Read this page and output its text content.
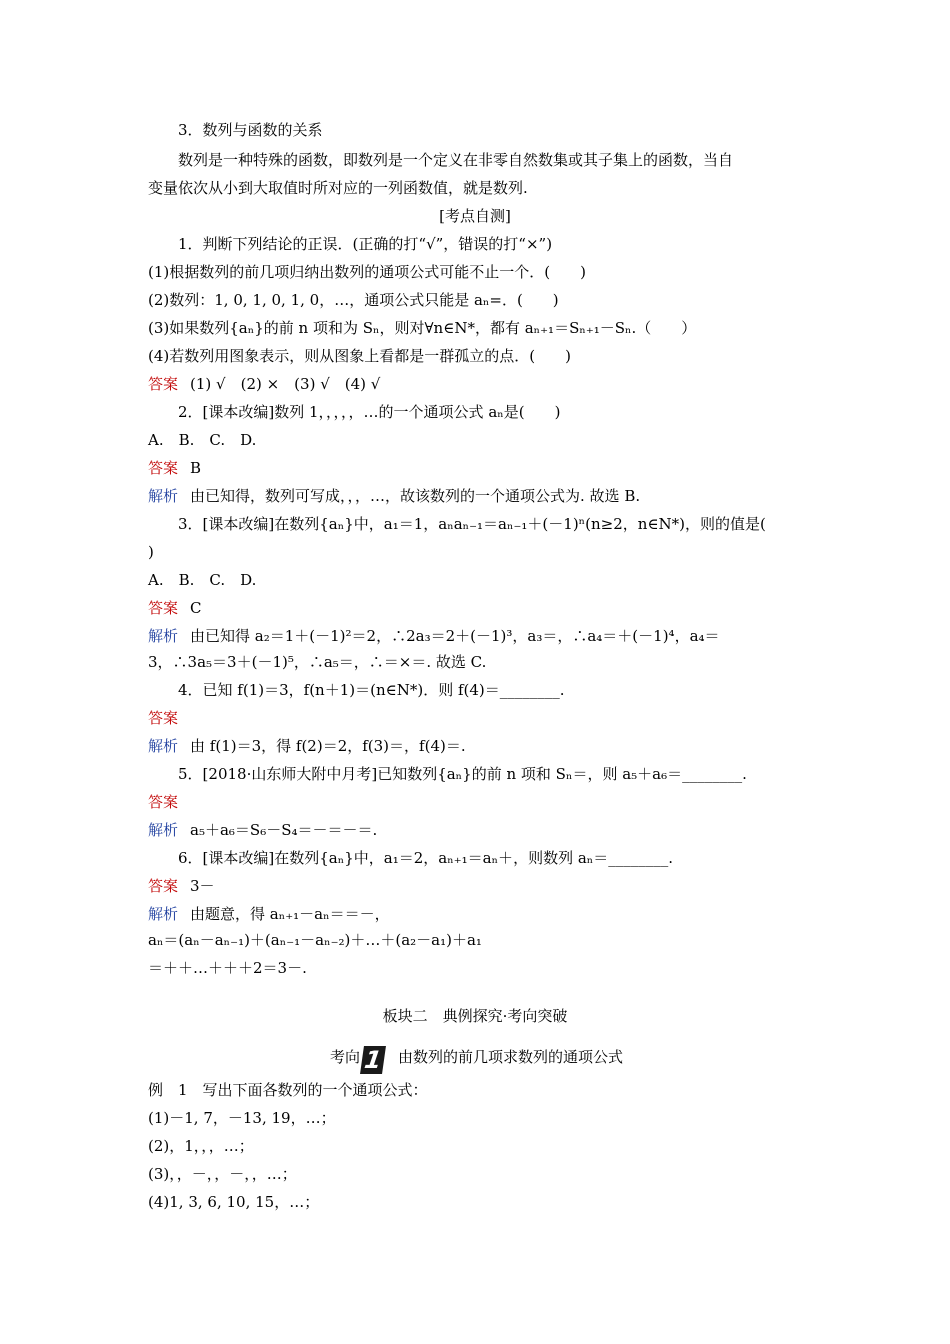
3．数列与函数的关系
数列是一种特殊的函数，即数列是一个定义在非零自然数集或其子集上的函数，当自
变量依次从小到大取值时所对应的一列函数值，就是数列.
[考点自测]
1．判断下列结论的正误．(正确的打“√”，错误的打“×”)
(1)根据数列的前几项归纳出数列的通项公式可能不止一个．(　　)
(2)数列：1, 0, 1, 0, 1, 0，…，通项公式只能是 aₙ=．(　　)
(3)如果数列{aₙ}的前 n 项和为 Sₙ，则对∀n∈N*，都有 aₙ₊₁＝Sₙ₊₁－Sₙ.（　　）
(4)若数列用图象表示，则从图象上看都是一群孤立的点．(　　)
答案 (1) √　(2) ×　(3) √　(4) √
2．[课本改编]数列 1，，，，，…的一个通项公式 aₙ是(　　)
A.　B.　C.　D.
答案 B
解析 由已知得，数列可写成，，，…，故该数列的一个通项公式为. 故选 B.
3．[课本改编]在数列{aₙ}中，a₁＝1，aₙaₙ₋₁＝aₙ₋₁＋(－1)ⁿ(n≥2，n∈N*)，则的值是(
)
A.　B.　C.　D.
答案 C
解析 由已知得 a₂＝1＋(－1)²＝2，∴2a₃＝2＋(－1)³，a₃＝，∴a₄＝＋(－1)⁴，a₄＝
3，∴3a₅＝3＋(－1)⁵，∴a₅＝，∴＝×＝. 故选 C.
4．已知 f(1)＝3，f(n＋1)＝(n∈N*)．则 f(4)＝________.
答案
解析 由 f(1)＝3，得 f(2)＝2，f(3)＝，f(4)＝.
5．[2018·山东师大附中月考]已知数列{aₙ}的前 n 项和 Sₙ＝，则 a₅＋a₆＝________.
答案
解析 a₅＋a₆＝S₆－S₄＝－＝－＝.
6．[课本改编]在数列{aₙ}中，a₁＝2，aₙ₊₁＝aₙ＋，则数列 aₙ＝________.
答案 3－
解析 由题意，得 aₙ₊₁－aₙ＝＝－，
aₙ＝(aₙ－aₙ₋₁)＋(aₙ₋₁－aₙ₋₂)＋…＋(a₂－a₁)＋a₁
＝＋＋…＋＋＋2＝3－.
板块二　典例探究·考向突破
考向 1 由数列的前几项求数列的通项公式
例　1　写出下面各数列的一个通项公式：
(1)－1, 7，－13, 19，…；
(2)，1，，，…；
(3)，，－，，－，，…；
(4)1, 3, 6, 10, 15，…；
